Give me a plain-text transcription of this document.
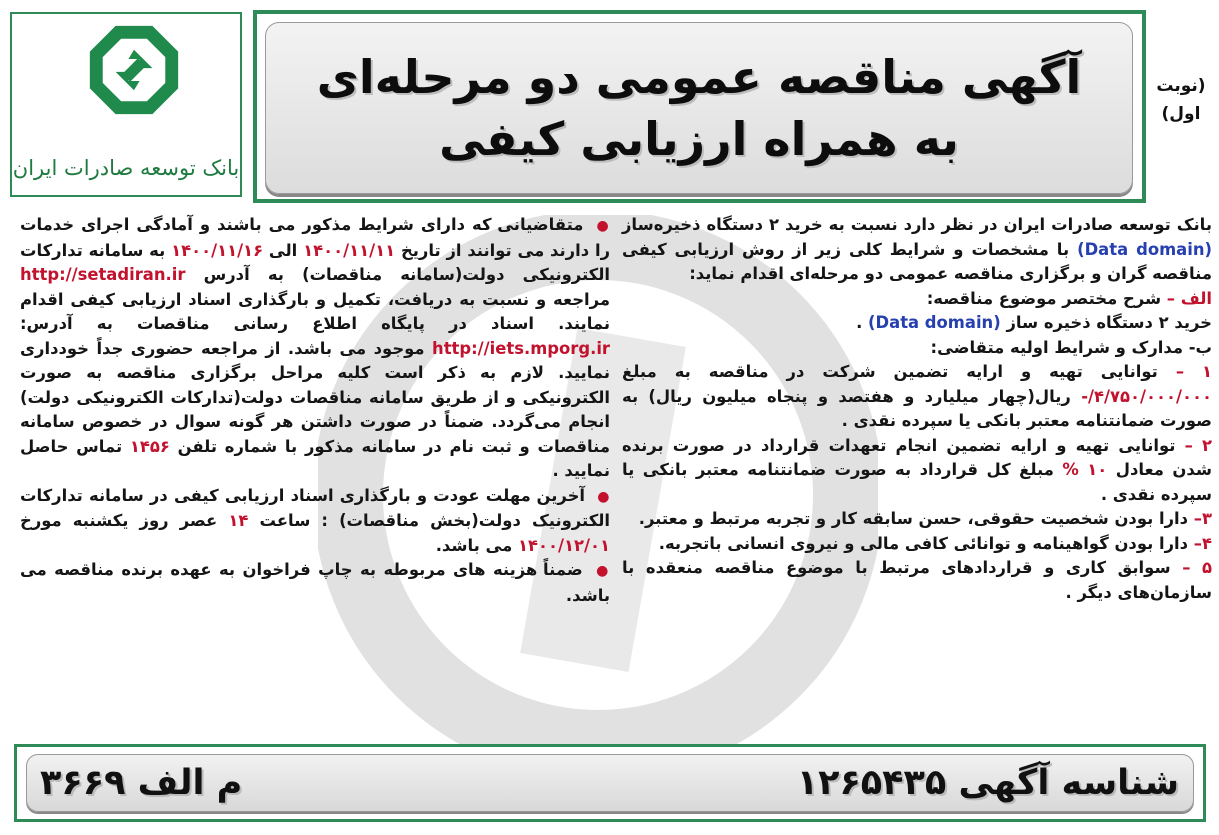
بانک توسعه صادرات ایران
آگهی مناقصه عمومی دو مرحله‌ای
به همراه ارزیابی کیفی
(نوبت اول)

بانک توسعه صادرات ایران در نظر دارد نسبت به خرید ۲ دستگاه ذخیره‌ساز (Data domain) با مشخصات و شرایط کلی زیر از روش ارزیابی کیفی مناقصه گران و برگزاری مناقصه عمومی دو مرحله‌ای اقدام نماید:

الف – شرح مختصر موضوع مناقصه:

خرید ۲ دستگاه ذخیره ساز (Data domain) .

ب- مدارک و شرایط اولیه متقاضی:

۱ – توانایی تهیه و ارایه تضمین شرکت در مناقصه به مبلغ ۴/۷۵۰/۰۰۰/۰۰۰/- ریال(چهار میلیارد و هفتصد و پنجاه میلیون ریال) به صورت ضمانتنامه معتبر بانکی یا سپرده نقدی .

۲ – توانایی تهیه و ارایه تضمین انجام تعهدات قرارداد در صورت برنده شدن معادل ۱۰ % مبلغ کل قرارداد به صورت ضمانتنامه معتبر بانکی یا سپرده نقدی .

۳– دارا بودن شخصیت حقوقی، حسن سابقه کار و تجربه مرتبط و معتبر.

۴– دارا بودن گواهینامه و توانائی کافی مالی و نیروی انسانی باتجربه.

۵ – سوابق کاری و قراردادهای مرتبط با موضوع مناقصه منعقده با سازمان‌های دیگر .

● متقاضیانی که دارای شرایط مذکور می باشند و آمادگی اجرای خدمات را دارند می توانند از تاریخ ۱۴۰۰/۱۱/۱۱ الی ۱۴۰۰/۱۱/۱۶ به سامانه تدارکات الکترونیکی دولت(سامانه مناقصات) به آدرس http://setadiran.ir مراجعه و نسبت به دریافت، تکمیل و بارگذاری اسناد ارزیابی کیفی اقدام نمایند. اسناد در پایگاه اطلاع رسانی مناقصات به آدرس: http://iets.mporg.ir موجود می باشد. از مراجعه حضوری جداً خودداری نمایید. لازم به ذکر است کلیه مراحل برگزاری مناقصه به صورت الکترونیکی و از طریق سامانه مناقصات دولت(تدارکات الکترونیکی دولت) انجام می‌گردد. ضمناً در صورت داشتن هر گونه سوال در خصوص سامانه مناقصات و ثبت نام در سامانه مذکور با شماره تلفن ۱۴۵۶ تماس حاصل نمایید .

● آخرین مهلت عودت و بارگذاری اسناد ارزیابی کیفی در سامانه تدارکات الکترونیک دولت(بخش مناقصات) : ساعت ۱۴ عصر روز یکشنبه مورخ ۱۴۰۰/۱۲/۰۱ می باشد.

● ضمناً هزینه های مربوطه به چاپ فراخوان به عهده برنده مناقصه می باشد.

شناسه آگهی ۱۲۶۵۴۳۵
م الف ۳۶۶۹
